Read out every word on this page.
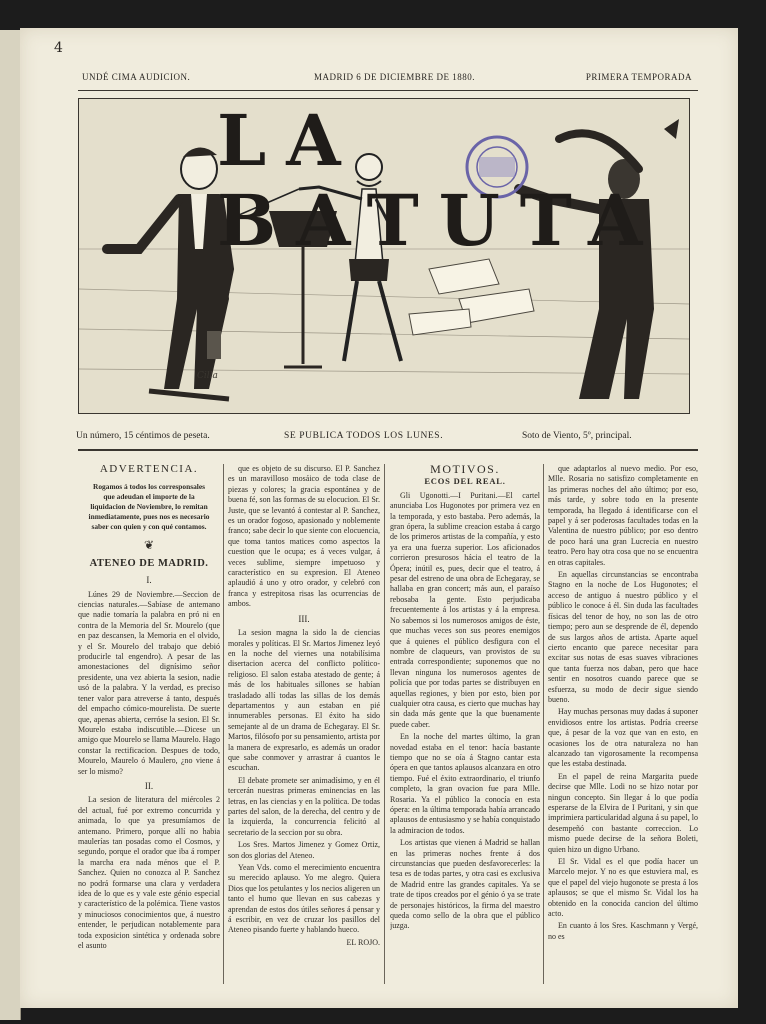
4
UNDÉ CIMA AUDICION.	MADRID 6 DE DICIEMBRE DE 1880.	PRIMERA TEMPORADA
LA BATUTA
Cilla
Un número, 15 céntimos de peseta.	SE PUBLICA TODOS LOS LUNES.	Soto de Viento, 5º, principal.
ADVERTENCIA.
Rogamos á todos los corresponsales que adeudan el importe de la liquidacion de Noviembre, lo remitan inmediatamente, pues nos es necesario saber con quien y con qué contamos.
❦
ATENEO DE MADRID.
I.

Lúnes 29 de Noviembre.—Seccion de ciencias naturales.—Sabíase de antemano que nadie tomaría la palabra en pró ni en contra de la Memoria del Sr. Mourelo (que en paz descansen, la Memoria en el olvido, y el Sr. Mourelo del trabajo que debió producirle tal engendro). A pesar de las amonestaciones del dignísimo señor presidente, una vez abierta la sesion, nadie usó de la palabra. Y la verdad, es preciso tener valor para atreverse á tanto, después del empacho cómico-mourelista. De suerte que, apenas abierta, cerróse la sesion. El Sr. Mourelo estaba indiscutible.—Dicese un amigo que Mourelo se llama Maurelo. Hago constar la rectificacion. Despues de todo, Mourelo, Maurelo ó Maulero, ¿no viene á ser lo mismo?

II.

La sesion de literatura del miércoles 2 del actual, fué por extremo concurrida y animada, lo que ya presumíamos de antemano. Primero, porque allí no habia maulerías tan posadas como el Cosmos, y segundo, porque el orador que iba á romper la marcha era nada ménos que el P. Sanchez. Quien no conozca al P. Sanchez no podrá formarse una clara y verdadera idea de lo que es y vale este génio especial y característico de la polémica. Tiene vastos y minuciosos conocimientos que, á nuestro entender, le perjudican notablemente para toda exposicion sintética y ordenada sobre el asunto

que es objeto de su discurso. El P. Sanchez es un maravilloso mosáico de toda clase de piezas y colores; la gracia espontánea y de buena fé, son las formas de su elocucion. El Sr. Juste, que se levantó á contestar al P. Sanchez, es un orador fogoso, apasionado y noblemente franco; sabe decir lo que siente con elocuencia, que toma tantos matices como aspectos la cuestion que le ocupa; es á veces vulgar, á veces sublime, siempre impetuoso y característico en su expresion. El Ateneo aplaudió á uno y otro orador, y celebró con franca y estrepitosa risas las ocurrencias de ambos.

III.

La sesion magna la sido la de ciencias morales y políticas. El Sr. Martos Jimenez leyó en la noche del viernes una notabilísima disertacion acerca del conflicto político-religioso. El salon estaba atestado de gente; á más de los habituales sillones se habían trasladado allí todas las sillas de los demás departamentos y aun estaban en pié innumerables personas. El éxito ha sido semejante al de un drama de Echegaray. El Sr. Martos, filósofo por su pensamiento, artista por la manera de expresarlo, es además un orador que sabe conmover y arrastrar á cuantos le escuchan.

El debate promete ser animadísimo, y en él tercerán nuestras primeras eminencias en las letras, en las ciencias y en la política. De todas partes del salon, de la derecha, del centro y de la izquierda, la concurrencia felicitó al secretario de la seccion por su obra.

Los Sres. Martos Jimenez y Gomez Ortiz, son dos glorias del Ateneo.

Yean Vds. como el merecimiento encuentra su merecido aplauso. Yo me alegro. Quiera Dios que los petulantes y los necios aligeren un tanto el humo que llevan en sus cabezas y aprendan de estos dos útiles señores á pensar y á escribir, en vez de cruzar los pasillos del Ateneo pisando fuerte y hablando hueco.

EL ROJO.
MOTIVOS.
ECOS DEL REAL.

Gli Ugonotti.—I Puritani.—El cartel anunciaba Los Hugonotes por primera vez en la temporada, y esto bastaba. Pero además, la gran ópera, la sublime creacion estaba á cargo de los primeros artistas de la compañía, y esto ya era una fuerza superior. Los aficionados corrieron presurosos hácia el teatro de la Ópera; inútil es, pues, decir que el teatro, á pesar del estreno de una obra de Echegaray, se hallaba en gran concert; más aun, el paraíso rebosaba la gente. Esto perjudicaba frecuentemente á los artistas y á la empresa. No sabemos si los numerosos amigos de éste, que muchas veces son sus peores enemigos que á quienes el público desfigura con el nombre de claqueurs, van provistos de su entrada correspondiente; suponemos que no llevan ninguna los numerosos agentes de policía que por todas partes se distribuyen en aquellas regiones, y bien por esto, bien por cualquier otra causa, es cierto que muchas hay sin dada más gente que la que buenamente puede caber.

En la noche del martes último, la gran novedad estaba en el tenor: hacía bastante tiempo que no se oía á Stagno cantar esta ópera en que tantos aplausos alcanzara en otro tiempo. Fué el éxito extraordinario, el triunfo completo, la gran ovacion fue para Mlle. Rosaria. Ya el público la conocía en esta ópera: en la última temporada había arrancado aplausos de entusiasmo y se había conquistado la admiracion de todos.

Los artistas que vienen á Madrid se hallan en las primeras noches frente á dos circunstancias que pueden desfavorecerles: la tesa es de todas partes, y otra casi es exclusiva de Madrid entre las grandes capitales. Ya se trate de tipos creados por el génio ó ya se trate de personajes históricos, la firma del maestro queda como sello de la obra que el público juzga.

que adaptarlos al nuevo medio. Por eso, Mlle. Rosaria no satisfizo completamente en las primeras noches del año último; por eso, más tarde, y sobre todo en la presente temporada, ha llegado á identificarse con el papel y á ser poderosas facultades todas en la Valentina de nuestro público; por eso dentro de poco hará una gran Lucrecia en nuestro teatro. Pero hay otra cosa que no se encuentra en otras capitales.

En aquellas circunstancias se encontraba Stagno en la noche de Los Hugonotes; el acceso de antiguo á nuestro público y el público le conoce á él. Sin duda las facultades físicas del tenor de hoy, no son las de otro tiempo; pero aun se desprende de él, dependo de sus largos años de artista. Aparte aquel cierto encanto que parece necesitar para excitar sus notas de esas suaves vibraciones que tanta fuerza nos daban, pero que hace sentir en nosotros cuando parece que se esfuerza, su modo de decir sigue siendo bueno.

Hay muchas personas muy dadas á suponer envidiosos entre los artistas. Podría creerse que, á pesar de la voz que van en esto, en ocasiones los de otra naturaleza no han alcanzado tan vigorosamente la recompensa que les estaba destinada.

En el papel de reina Margarita puede decirse que Mlle. Lodi no se hizo notar por ningun concepto. Sin llegar á lo que podía esperarse de la Elvira de I Puritani, y sin que imprimiera particularidad alguna á su papel, lo desempeñó con bastante correccion. Lo mismo puede decirse de la señora Boleti, quien hizo un digno Urbano.

El Sr. Vidal es el que podía hacer un Marcelo mejor. Y no es que estuviera mal, es que el papel del viejo hugonote se presta á los aplausos; se que el mismo Sr. Vidal los ha obtenido en la conocida cancion del último acto.

En cuanto á los Sres. Kaschmann y Vergé, no es
